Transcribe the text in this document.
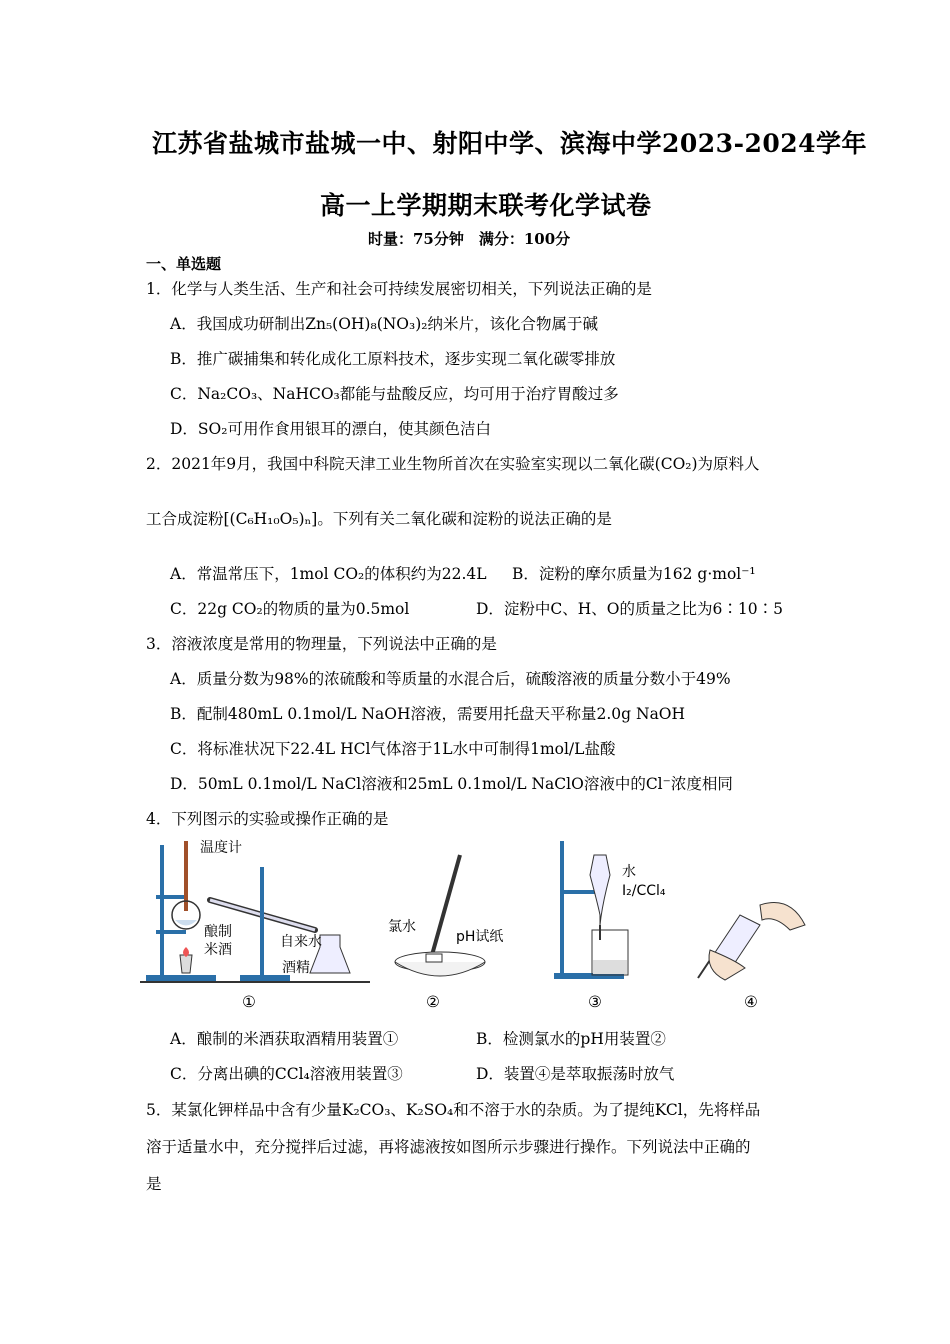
江苏省盐城市盐城一中、射阳中学、滨海中学2023-2024学年
高一上学期期末联考化学试卷
时量：75分钟　满分：100分
一、单选题
1．化学与人类生活、生产和社会可持续发展密切相关，下列说法正确的是
A．我国成功研制出Zn₅(OH)₈(NO₃)₂纳米片，该化合物属于碱
B．推广碳捕集和转化成化工原料技术，逐步实现二氧化碳零排放
C．Na₂CO₃、NaHCO₃都能与盐酸反应，均可用于治疗胃酸过多
D．SO₂可用作食用银耳的漂白，使其颜色洁白
2．2021年9月，我国中科院天津工业生物所首次在实验室实现以二氧化碳(CO₂)为原料人
工合成淀粉[(C₆H₁₀O₅)ₙ]。下列有关二氧化碳和淀粉的说法正确的是
A．常温常压下，1mol CO₂的体积约为22.4L B．淀粉的摩尔质量为162 g·mol⁻¹
C．22g CO₂的物质的量为0.5mol	D．淀粉中C、H、O的质量之比为6∶10∶5
3．溶液浓度是常用的物理量，下列说法中正确的是
A．质量分数为98%的浓硫酸和等质量的水混合后，硫酸溶液的质量分数小于49%
B．配制480mL 0.1mol/L NaOH溶液，需要用托盘天平称量2.0g NaOH
C．将标准状况下22.4L HCl气体溶于1L水中可制得1mol/L盐酸
D．50mL 0.1mol/L NaCl溶液和25mL 0.1mol/L NaClO溶液中的Cl⁻浓度相同
4．下列图示的实验或操作正确的是
温度计
酿制
米酒	自来水
酒精
①
氯水
pH试纸
②
水
I₂/CCl₄
③	④
A．酿制的米酒获取酒精用装置①	B．检测氯水的pH用装置②
C．分离出碘的CCl₄溶液用装置③	D．装置④是萃取振荡时放气
5．某氯化钾样品中含有少量K₂CO₃、K₂SO₄和不溶于水的杂质。为了提纯KCl，先将样品
溶于适量水中，充分搅拌后过滤，再将滤液按如图所示步骤进行操作。下列说法中正确的
是
